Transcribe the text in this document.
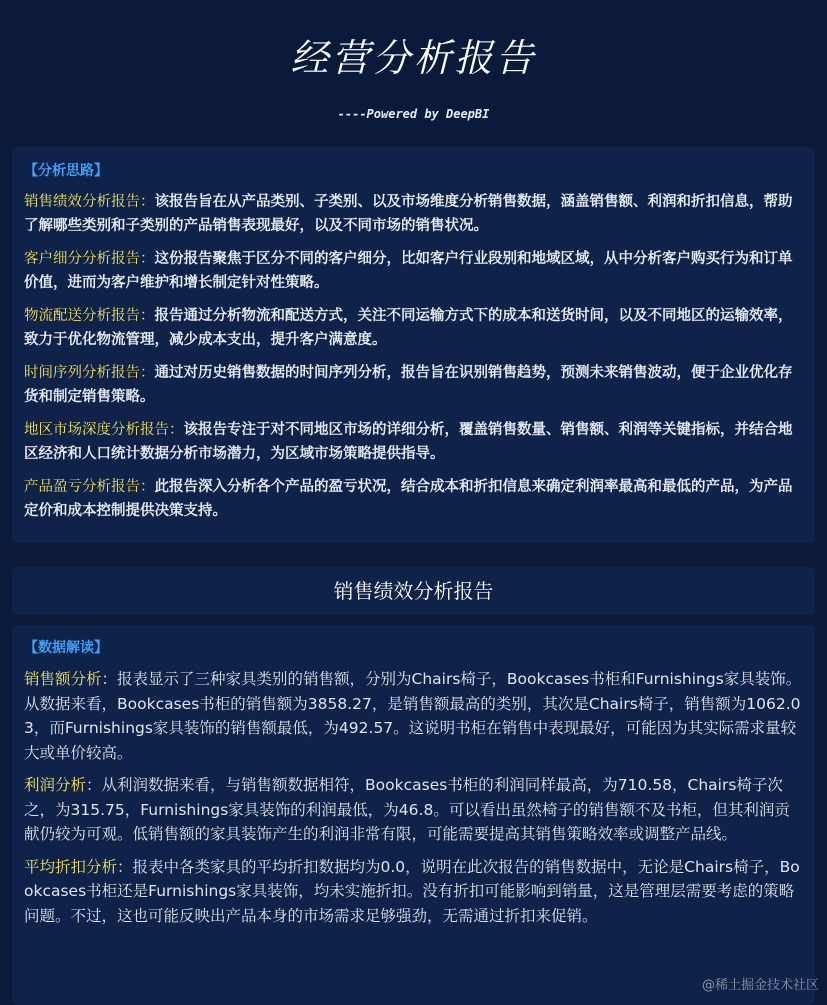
经营分析报告
----Powered by DeepBI
【分析思路】
销售绩效分析报告：该报告旨在从产品类别、子类别、以及市场维度分析销售数据，涵盖销售额、利润和折扣信息，帮助了解哪些类别和子类别的产品销售表现最好，以及不同市场的销售状况。
客户细分分析报告：这份报告聚焦于区分不同的客户细分，比如客户行业段别和地域区域，从中分析客户购买行为和订单价值，进而为客户维护和增长制定针对性策略。
物流配送分析报告：报告通过分析物流和配送方式，关注不同运输方式下的成本和送货时间，以及不同地区的运输效率，致力于优化物流管理，减少成本支出，提升客户满意度。
时间序列分析报告：通过对历史销售数据的时间序列分析，报告旨在识别销售趋势，预测未来销售波动，便于企业优化存货和制定销售策略。
地区市场深度分析报告：该报告专注于对不同地区市场的详细分析，覆盖销售数量、销售额、利润等关键指标，并结合地区经济和人口统计数据分析市场潜力，为区域市场策略提供指导。
产品盈亏分析报告：此报告深入分析各个产品的盈亏状况，结合成本和折扣信息来确定利润率最高和最低的产品，为产品定价和成本控制提供决策支持。
销售绩效分析报告
【数据解读】
销售额分析：报表显示了三种家具类别的销售额，分别为Chairs椅子，Bookcases书柜和Furnishings家具装饰。从数据来看，Bookcases书柜的销售额为3858.27，是销售额最高的类别，其次是Chairs椅子，销售额为1062.03，而Furnishings家具装饰的销售额最低，为492.57。这说明书柜在销售中表现最好，可能因为其实际需求量较大或单价较高。
利润分析：从利润数据来看，与销售额数据相符，Bookcases书柜的利润同样最高，为710.58，Chairs椅子次之，为315.75，Furnishings家具装饰的利润最低，为46.8。可以看出虽然椅子的销售额不及书柜，但其利润贡献仍较为可观。低销售额的家具装饰产生的利润非常有限，可能需要提高其销售策略效率或调整产品线。
平均折扣分析：报表中各类家具的平均折扣数据均为0.0，说明在此次报告的销售数据中，无论是Chairs椅子，Bookcases书柜还是Furnishings家具装饰，均未实施折扣。没有折扣可能影响到销量，这是管理层需要考虑的策略问题。不过，这也可能反映出产品本身的市场需求足够强劲，无需通过折扣来促销。
@稀土掘金技术社区
